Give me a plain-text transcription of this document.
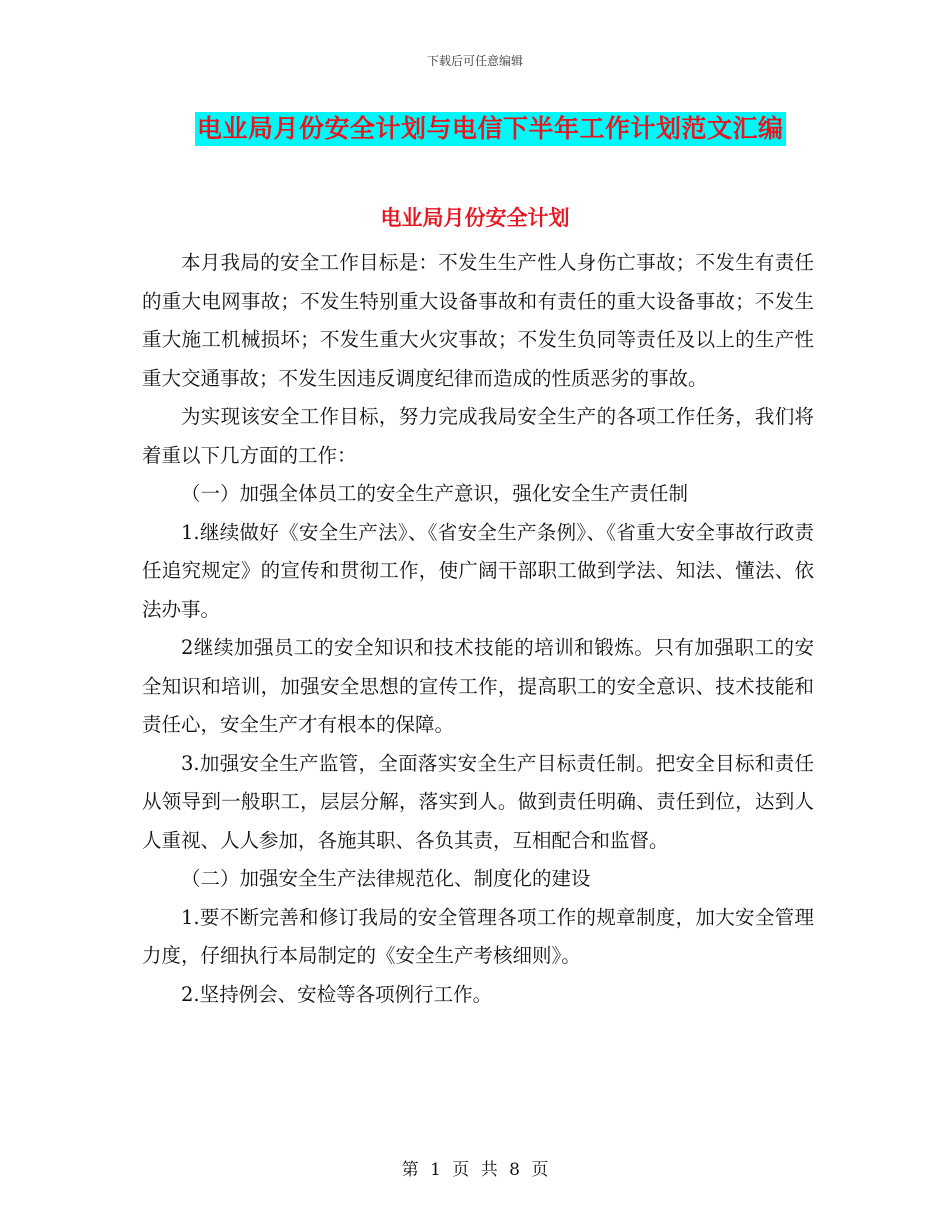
下载后可任意编辑
电业局月份安全计划与电信下半年工作计划范文汇编
电业局月份安全计划

本月我局的安全工作目标是：不发生生产性人身伤亡事故；不发生有责任的重大电网事故；不发生特别重大设备事故和有责任的重大设备事故；不发生重大施工机械损坏；不发生重大火灾事故；不发生负同等责任及以上的生产性重大交通事故；不发生因违反调度纪律而造成的性质恶劣的事故。

为实现该安全工作目标，努力完成我局安全生产的各项工作任务，我们将着重以下几方面的工作：

（一）加强全体员工的安全生产意识，强化安全生产责任制

1.继续做好《安全生产法》、《省安全生产条例》、《省重大安全事故行政责任追究规定》的宣传和贯彻工作，使广阔干部职工做到学法、知法、懂法、依法办事。

2继续加强员工的安全知识和技术技能的培训和锻炼。只有加强职工的安全知识和培训，加强安全思想的宣传工作，提高职工的安全意识、技术技能和责任心，安全生产才有根本的保障。

3.加强安全生产监管，全面落实安全生产目标责任制。把安全目标和责任从领导到一般职工，层层分解，落实到人。做到责任明确、责任到位，达到人人重视、人人参加，各施其职、各负其责，互相配合和监督。

（二）加强安全生产法律规范化、制度化的建设

1.要不断完善和修订我局的安全管理各项工作的规章制度，加大安全管理力度，仔细执行本局制定的《安全生产考核细则》。

2.坚持例会、安检等各项例行工作。

第 1 页 共 8 页
